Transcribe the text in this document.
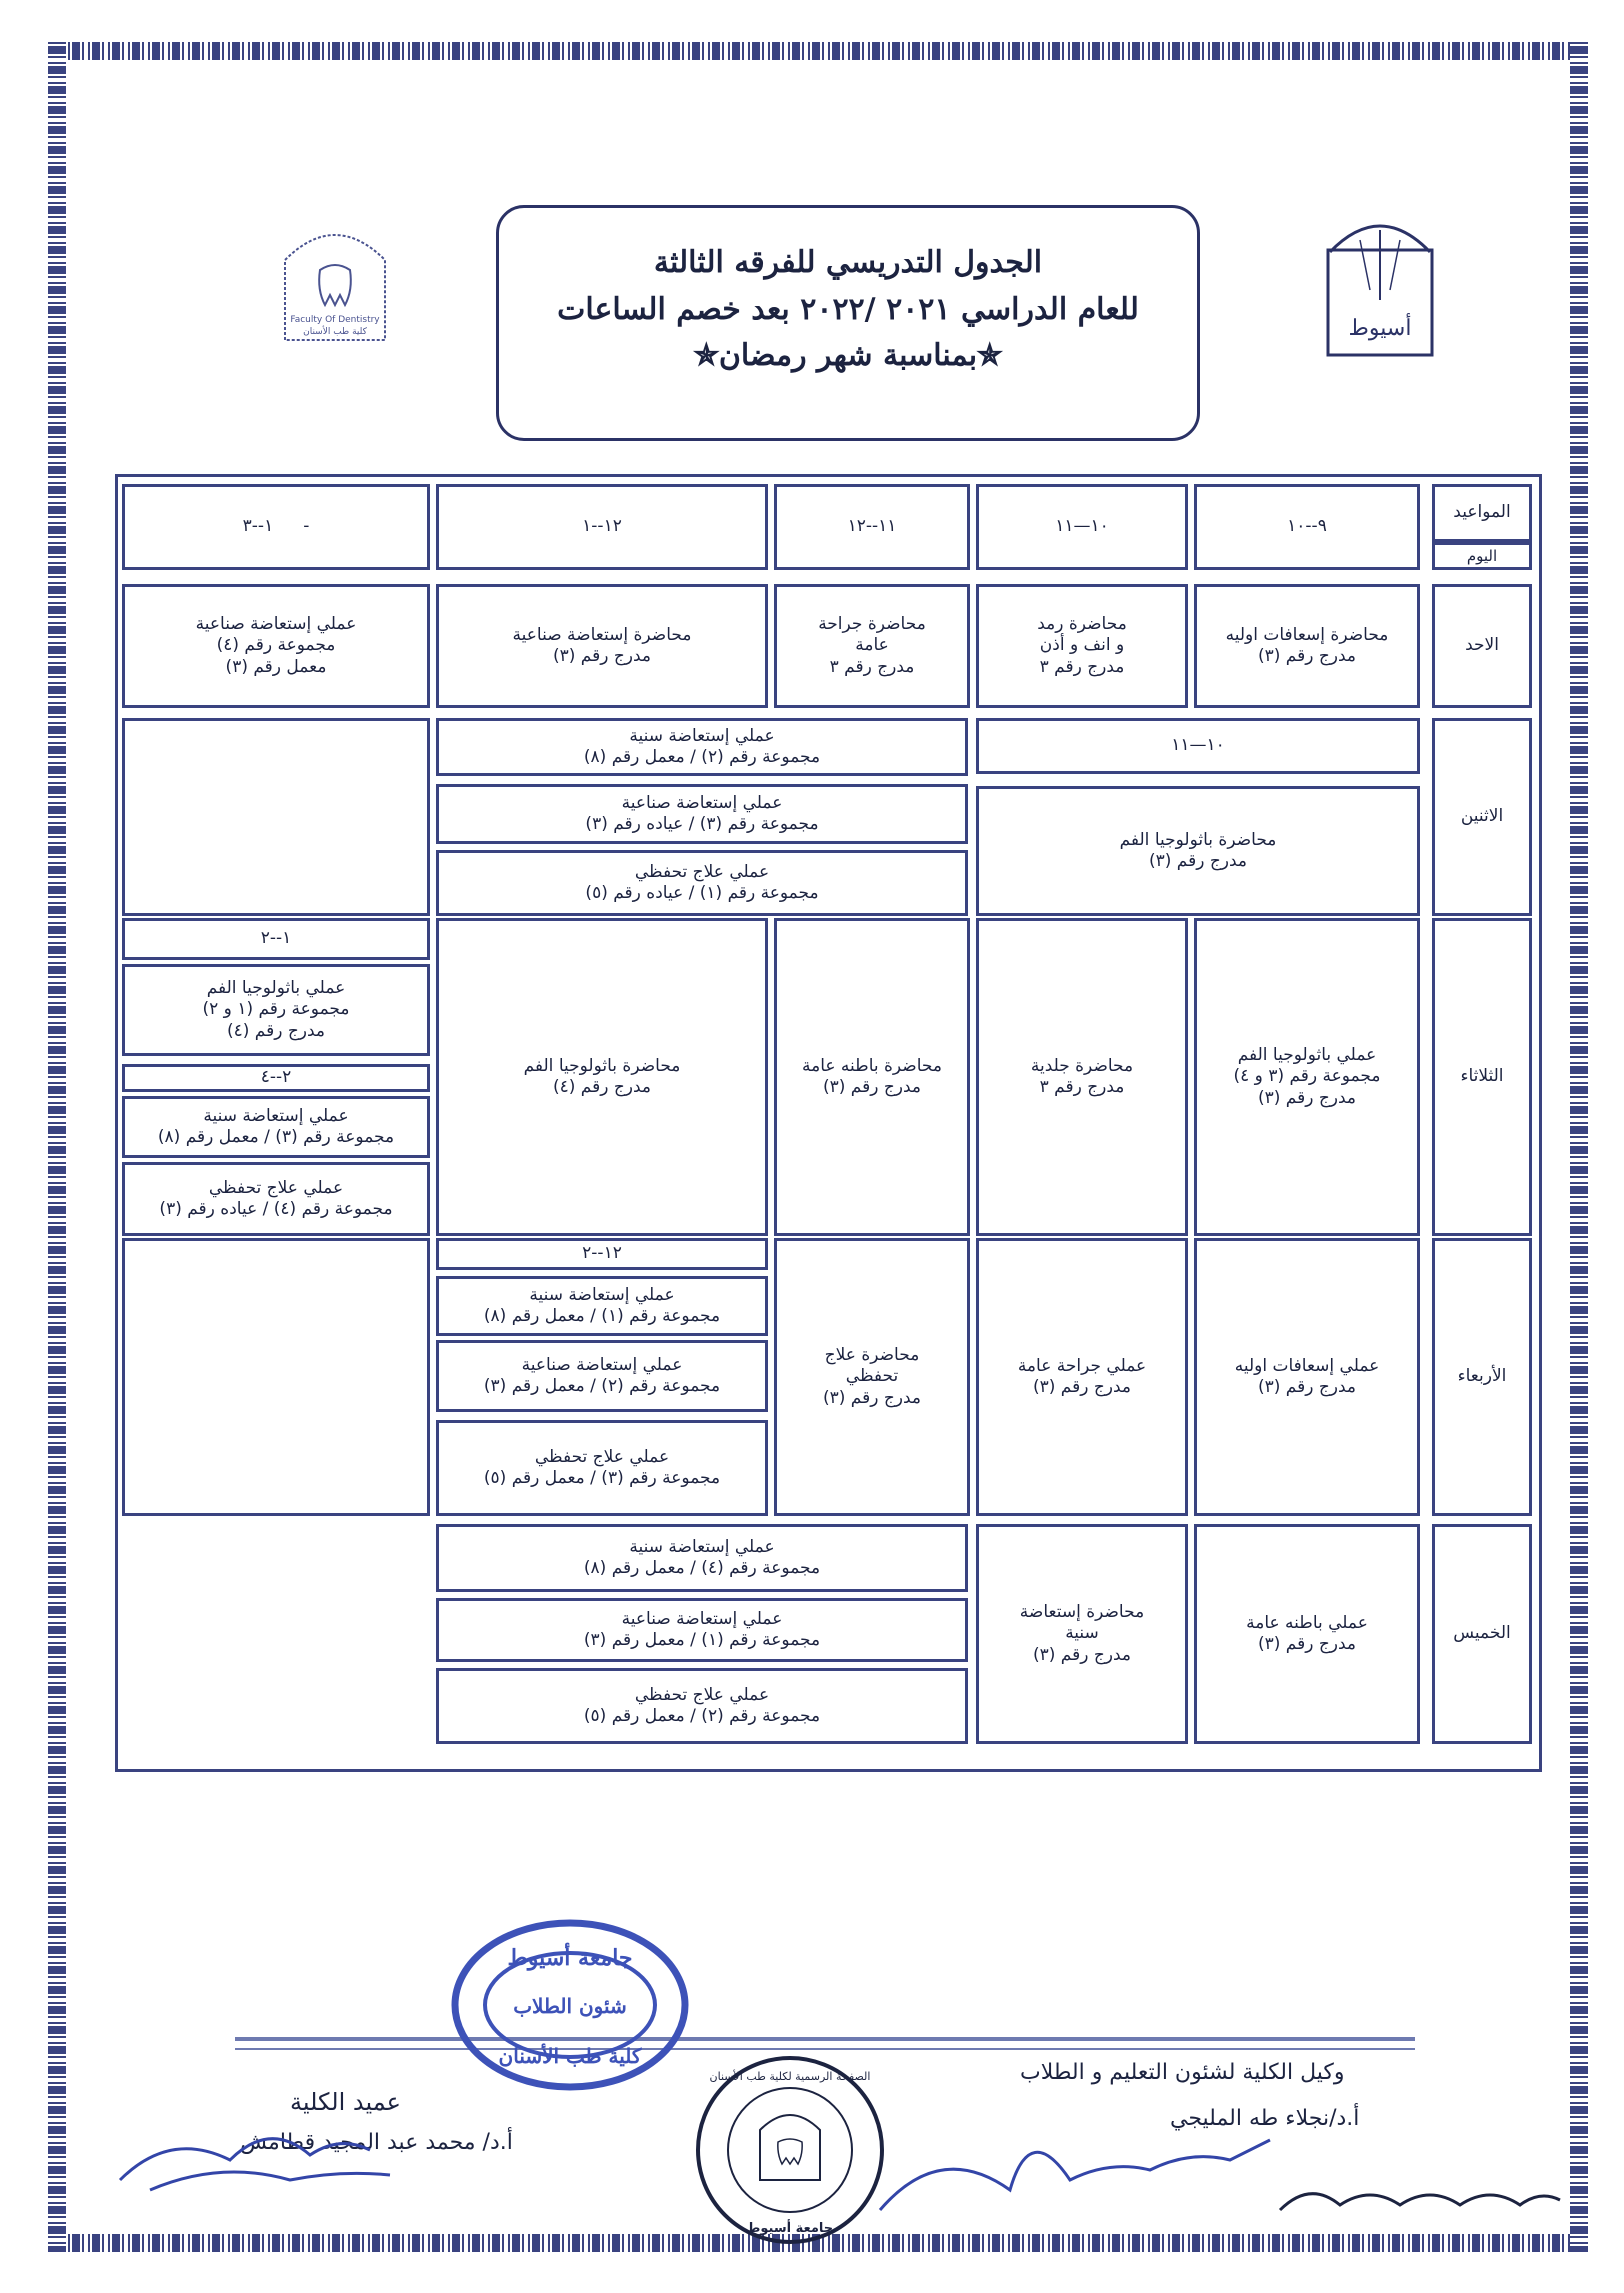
أسيوط
Faculty Of Dentistry
كلية طب الأسنان
الجدول التدريسي للفرقه الثالثة
للعام الدراسي ٢٠٢١ /٢٠٢٢ بعد خصم الساعات
✯بمناسبة شهر رمضان✯
المواعيد
اليوم
٩--١٠
١٠—١١
١١--١٢
١٢--١
١--٣ -
الاحد
محاضرة إسعافات اوليه
مدرج رقم (٣)
محاضرة رمد
و انف و أذن
مدرج رقم ٣
محاضرة جراحة
عامة
مدرج رقم ٣
محاضرة إستعاضة صناعية
مدرج رقم (٣)
عملي إستعاضة صناعية
مجموعة رقم (٤)
معمل رقم (٣)
الاثنين
١٠—١١
محاضرة باثولوجيا الفم
مدرج رقم (٣)
عملي إستعاضة سنية
مجموعة رقم (٢) / معمل رقم (٨)
عملي إستعاضة صناعية
مجموعة رقم (٣) / عياده رقم (٣)
عملي علاج تحفظي
مجموعة رقم (١) / عياده رقم (٥)
الثلاثاء
عملي باثولوجيا الفم
مجموعة رقم (٣ و ٤)
مدرج رقم (٣)
محاضرة جلدية
مدرج رقم ٣
محاضرة باطنه عامة
مدرج رقم (٣)
محاضرة باثولوجيا الفم
مدرج رقم (٤)
١--٢
عملي باثولوجيا الفم
مجموعة رقم (١ و ٢)
مدرج رقم (٤)
٢--٤
عملي إستعاضة سنية
مجموعة رقم (٣) / معمل رقم (٨)
عملي علاج تحفظي
مجموعة رقم (٤) / عياده رقم (٣)
الأربعاء
عملي إسعافات اوليه
مدرج رقم (٣)
عملي جراحة عامة
مدرج رقم (٣)
محاضرة علاج
تحفظي
مدرج رقم (٣)
١٢--٢
عملي إستعاضة سنية
مجموعة رقم (١) / معمل رقم (٨)
عملي إستعاضة صناعية
مجموعة رقم (٢) / معمل رقم (٣)
عملي علاج تحفظي
مجموعة رقم (٣) / معمل رقم (٥)
الخميس
عملي باطنه عامة
مدرج رقم (٣)
محاضرة إستعاضة
سنية
مدرج رقم (٣)
عملي إستعاضة سنية
مجموعة رقم (٤) / معمل رقم (٨)
عملي إستعاضة صناعية
مجموعة رقم (١) / معمل رقم (٣)
عملي علاج تحفظي
مجموعة رقم (٢) / معمل رقم (٥)
وكيل الكلية لشئون التعليم و الطلاب
أ.د/نجلاء طه المليجي
عميد الكلية
أ.د/ محمد عبد المجيد قطامش
جامعة أسيوط
شئون الطلاب
كلية طب الأسنان
الصفحة الرسمية لكلية طب الأسنان
جامعة أسيوط
